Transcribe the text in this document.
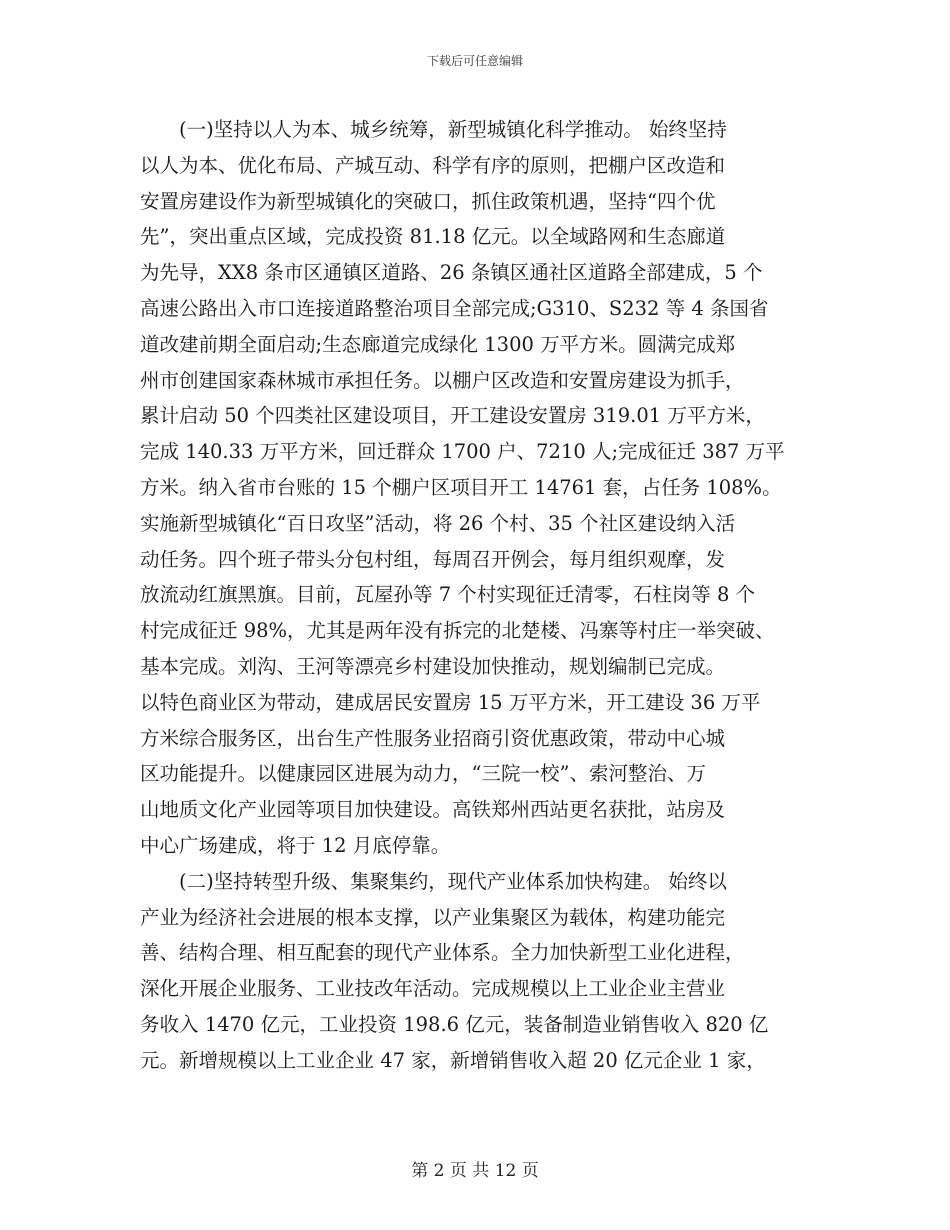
下载后可任意编辑
　　(一)坚持以人为本、城乡统筹，新型城镇化科学推动。 始终坚持
以人为本、优化布局、产城互动、科学有序的原则，把棚户区改造和
安置房建设作为新型城镇化的突破口，抓住政策机遇，坚持“四个优
先”，突出重点区域，完成投资 81.18 亿元。以全域路网和生态廊道
为先导，XX8 条市区通镇区道路、26 条镇区通社区道路全部建成，5 个
高速公路出入市口连接道路整治项目全部完成;G310、S232 等 4 条国省
道改建前期全面启动;生态廊道完成绿化 1300 万平方米。圆满完成郑
州市创建国家森林城市承担任务。以棚户区改造和安置房建设为抓手，
累计启动 50 个四类社区建设项目，开工建设安置房 319.01 万平方米，
完成 140.33 万平方米，回迁群众 1700 户、7210 人;完成征迁 387 万平
方米。纳入省市台账的 15 个棚户区项目开工 14761 套，占任务 108%。
实施新型城镇化“百日攻坚”活动，将 26 个村、35 个社区建设纳入活
动任务。四个班子带头分包村组，每周召开例会，每月组织观摩，发
放流动红旗黑旗。目前，瓦屋孙等 7 个村实现征迁清零，石柱岗等 8 个
村完成征迁 98%，尤其是两年没有拆完的北楚楼、冯寨等村庄一举突破、
基本完成。刘沟、王河等漂亮乡村建设加快推动，规划编制已完成。
以特色商业区为带动，建成居民安置房 15 万平方米，开工建设 36 万平
方米综合服务区，出台生产性服务业招商引资优惠政策，带动中心城
区功能提升。以健康园区进展为动力，“三院一校”、索河整治、万
山地质文化产业园等项目加快建设。高铁郑州西站更名获批，站房及
中心广场建成，将于 12 月底停靠。
　　(二)坚持转型升级、集聚集约，现代产业体系加快构建。 始终以
产业为经济社会进展的根本支撑，以产业集聚区为载体，构建功能完
善、结构合理、相互配套的现代产业体系。全力加快新型工业化进程，
深化开展企业服务、工业技改年活动。完成规模以上工业企业主营业
务收入 1470 亿元，工业投资 198.6 亿元，装备制造业销售收入 820 亿
元。新增规模以上工业企业 47 家，新增销售收入超 20 亿元企业 1 家，
第 2 页 共 12 页
